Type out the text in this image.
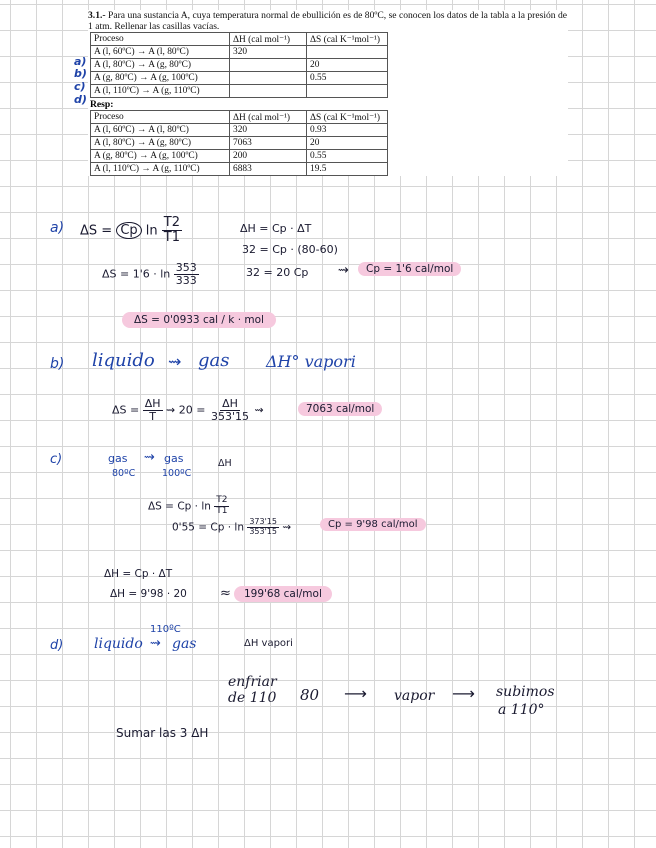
3.1.- Para una sustancia A, cuya temperatura normal de ebullición es de 80ºC, se conocen los datos de la tabla a la presión de 1 atm. Rellenar las casillas vacías.
Proceso	ΔH (cal mol⁻¹)	ΔS (cal K⁻¹mol⁻¹)
A (l, 60ºC) → A (l, 80ºC)	320	
A (l, 80ºC) → A (g, 80ºC)		20
A (g, 80ºC) → A (g, 100ºC)		0.55
A (l, 110ºC) → A (g, 110ºC)		
Resp:
Proceso	ΔH (cal mol⁻¹)	ΔS (cal K⁻¹mol⁻¹)
A (l, 60ºC) → A (l, 80ºC)	320	0.93
A (l, 80ºC) → A (g, 80ºC)	7063	20
A (g, 80ºC) → A (g, 100ºC)	200	0.55
A (l, 110ºC) → A (g, 110ºC)	6883	19.5
a)
b)
c)
d)
a) ΔS = Cp $\ln \frac{T2}{T1}$	ΔH = Cp · ΔT
32 = Cp · (80-60)
$\Delta S = 1'6 \cdot \ln \frac{353}{333}$	32 = 20 Cp ⇝	Cp = 1'6 cal/mol
ΔS = 0'0933 cal / k · mol
b) liquido ⇝ gas ΔH° vapori
$\Delta S = \frac{\Delta H}{T}$ ⇝ $20 = \frac{\Delta H}{353'15}$ ⇝	7063 cal/mol
c)	gas
80ºC
⇝ gas
100ºC
ΔH
$\Delta S = Cp \cdot \ln \frac{T2}{T1}$
$0'55 = Cp \cdot \ln \frac{373'15}{353'15}$ ⇝	Cp = 9'98 cal/mol
ΔH = Cp · ΔT
ΔH = 9'98 · 20	≈	199'68 cal/mol
d)
110ºC
liquido ⇝ gas	ΔH vapori
enfriar
de 110 80 ⟶ vapor ⟶ subimos
a 110°
Sumar las 3 ΔH
